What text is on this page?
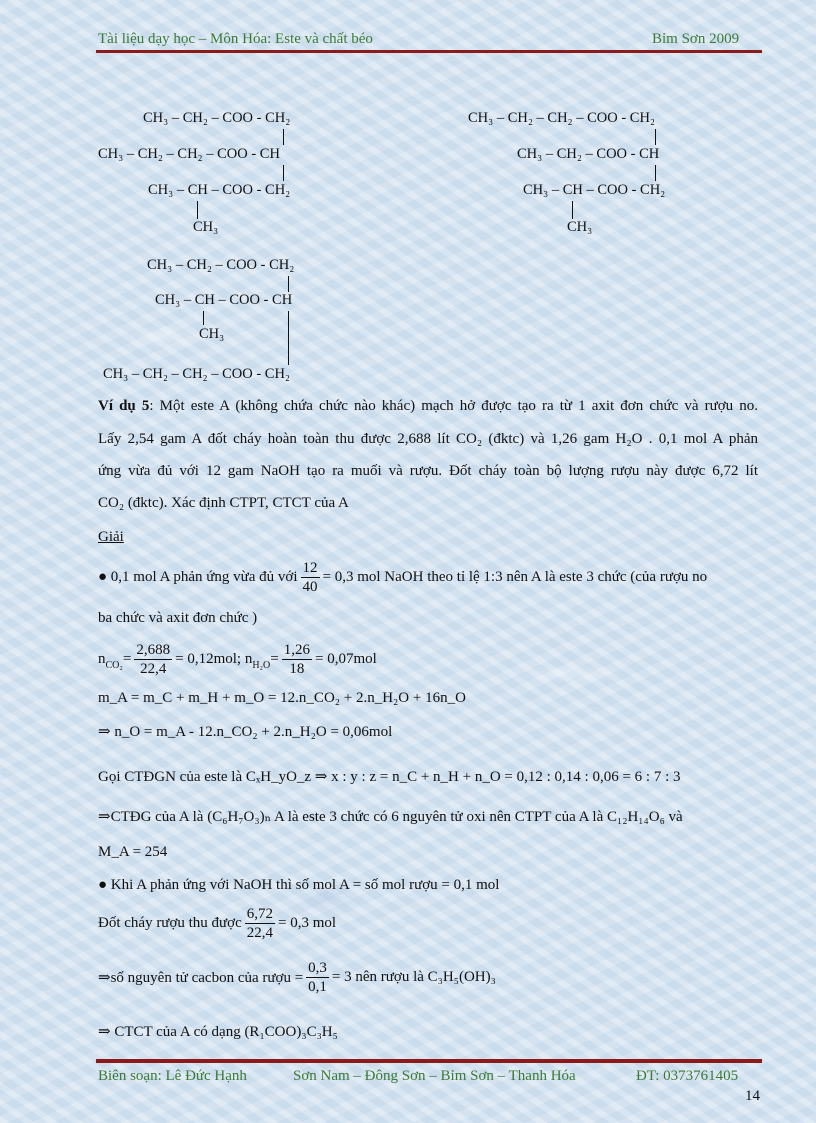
Tài liệu dạy học – Môn Hóa: Este và chất béo	Bỉm Sơn 2009
CH₃ – CH₂ – COO - CH₂
CH₃ – CH₂ – CH₂ – COO - CH
CH₃ – CH – COO - CH₂
CH₃
CH₃ – CH₂ – CH₂ – COO - CH₂
CH₃ – CH₂ – COO - CH
CH₃ – CH – COO - CH₂
CH₃
CH₃ – CH₂ – COO - CH₂
CH₃ – CH – COO - CH
CH₃
CH₃ – CH₂ – CH₂ – COO - CH₂
Ví dụ 5: Một este A (không chứa chức nào khác) mạch hở được tạo ra từ 1 axit đơn chức và rượu no.
Lấy 2,54 gam A đốt cháy hoàn toàn thu được 2,688 lít CO₂ (đktc) và 1,26 gam H₂O . 0,1 mol A phản
ứng vừa đủ với 12 gam NaOH tạo ra muối và rượu. Đốt cháy toàn bộ lượng rượu này được 6,72 lít
CO₂ (đktc). Xác định CTPT, CTCT của A
Giải
● 0,1 mol A phản ứng vừa đủ với $\frac{12}{40} = 0,3$ mol NaOH theo tỉ lệ 1:3 nên A là este 3 chức (của rượu no
ba chức và axit đơn chức )
$n_{CO_2} = \frac{2,688}{22,4} = 0,12mol$; $n_{H_2O} = \frac{1,26}{18} = 0,07mol$
m_A = m_C + m_H + m_O = 12.n_CO₂ + 2.n_H₂O + 16n_O
⇒ n_O = m_A - 12.n_CO₂ + 2.n_H₂O = 0,06mol
Gọi CTĐGN của este là CₓH_yO_z ⇒ x : y : z = n_C + n_H + n_O = 0,12 : 0,14 : 0,06 = 6 : 7 : 3
⇒CTĐG của A là (C₆H₇O₃)ₙ A là este 3 chức có 6 nguyên tử oxi nên CTPT của A là C₁₂H₁₄O₆ và
M_A = 254
● Khi A phản ứng với NaOH thì số mol A = số mol rượu = 0,1 mol
Đốt cháy rượu thu được $\frac{6,72}{22,4} = 0,3$ mol
⇒số nguyên tử cacbon của rượu = $\frac{0,3}{0,1} = 3$ nên rượu là C₃H₅(OH)₃
⇒ CTCT của A có dạng (R₁COO)₃C₃H₅
Biên soạn: Lê Đức Hạnh	Sơn Nam – Đông Sơn – Bỉm Sơn – Thanh Hóa	ĐT: 0373761405
14
